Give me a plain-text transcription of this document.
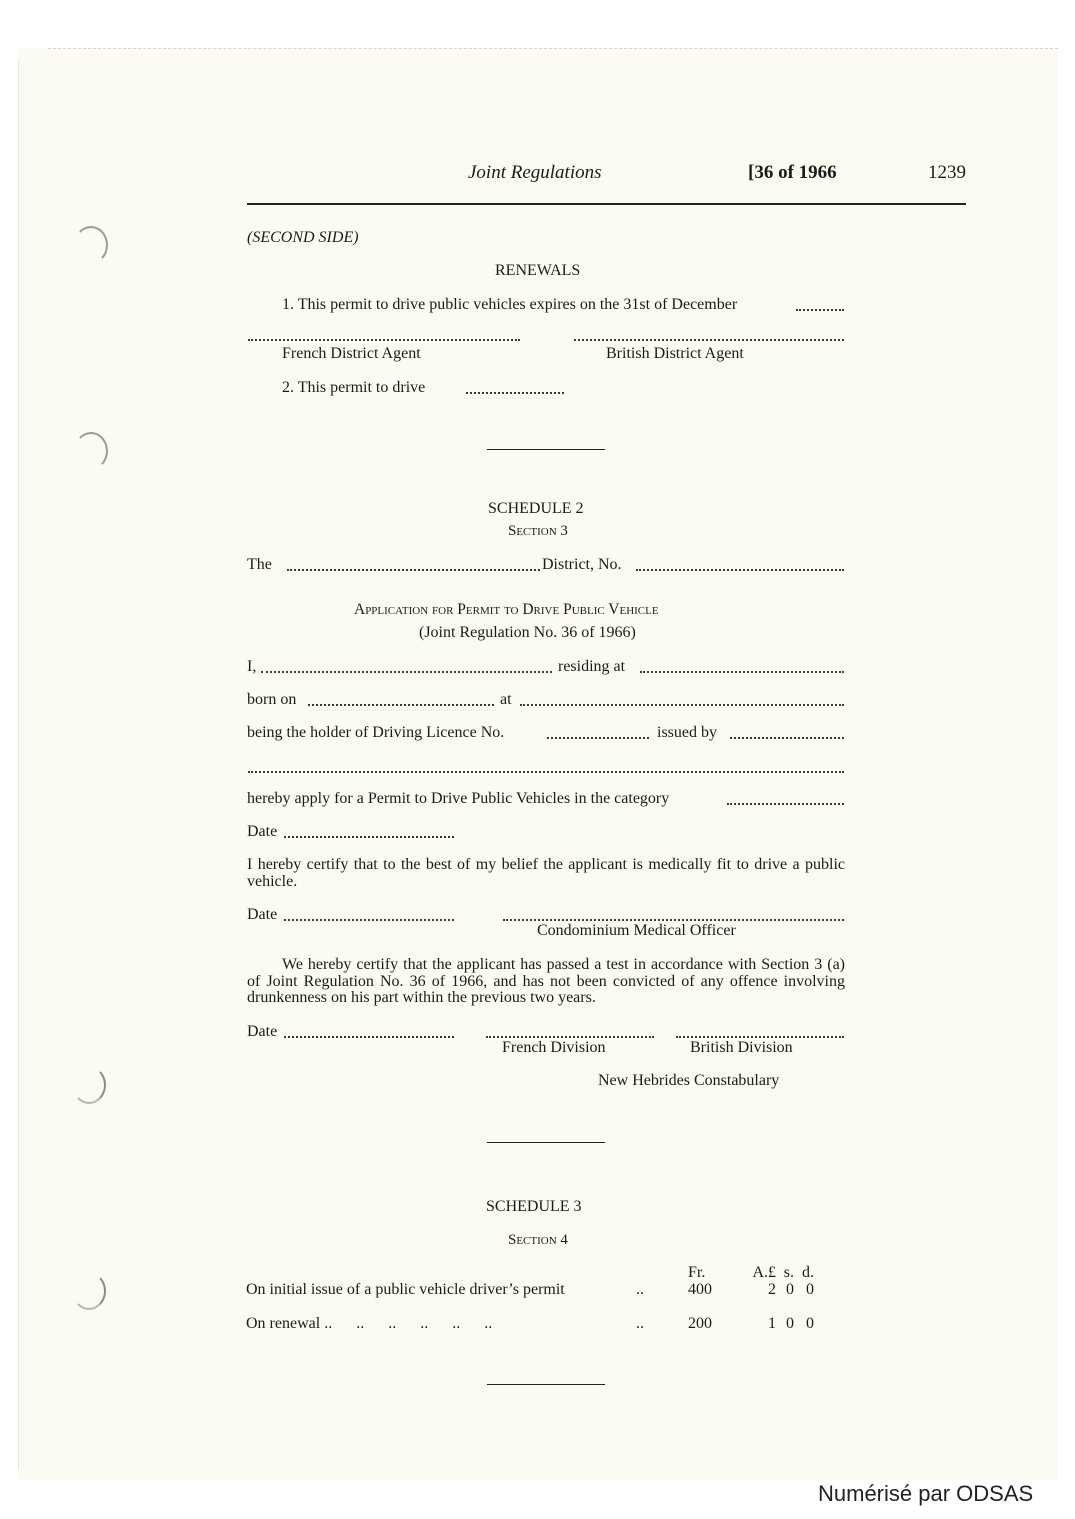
Joint Regulations	[36 of 1966	1239
(SECOND SIDE)
RENEWALS
1. This permit to drive public vehicles expires on the 31st of December
French District Agent	British District Agent
2. This permit to drive
SCHEDULE 2
Section 3
The	District, No.
Application for Permit to Drive Public Vehicle
(Joint Regulation No. 36 of 1966)
I,	residing at
born on	at
being the holder of Driving Licence No.	issued by
hereby apply for a Permit to Drive Public Vehicles in the category
Date
I hereby certify that to the best of my belief the applicant is medically fit to drive a public vehicle.
Date
Condominium Medical Officer
We hereby certify that the applicant has passed a test in accordance with Section 3 (a) of Joint Regulation No. 36 of 1966, and has not been convicted of any offence involving drunkenness on his part within the previous two years.
Date
French Division	British Division
New Hebrides Constabulary
SCHEDULE 3
Section 4
		Fr.	A.£	s.	d.
On initial issue of a public vehicle driver’s permit	..	400	2	0	0

On renewal ..      ..      ..      ..      ..      ..	..	200	1	0	0
Numérisé par ODSAS
